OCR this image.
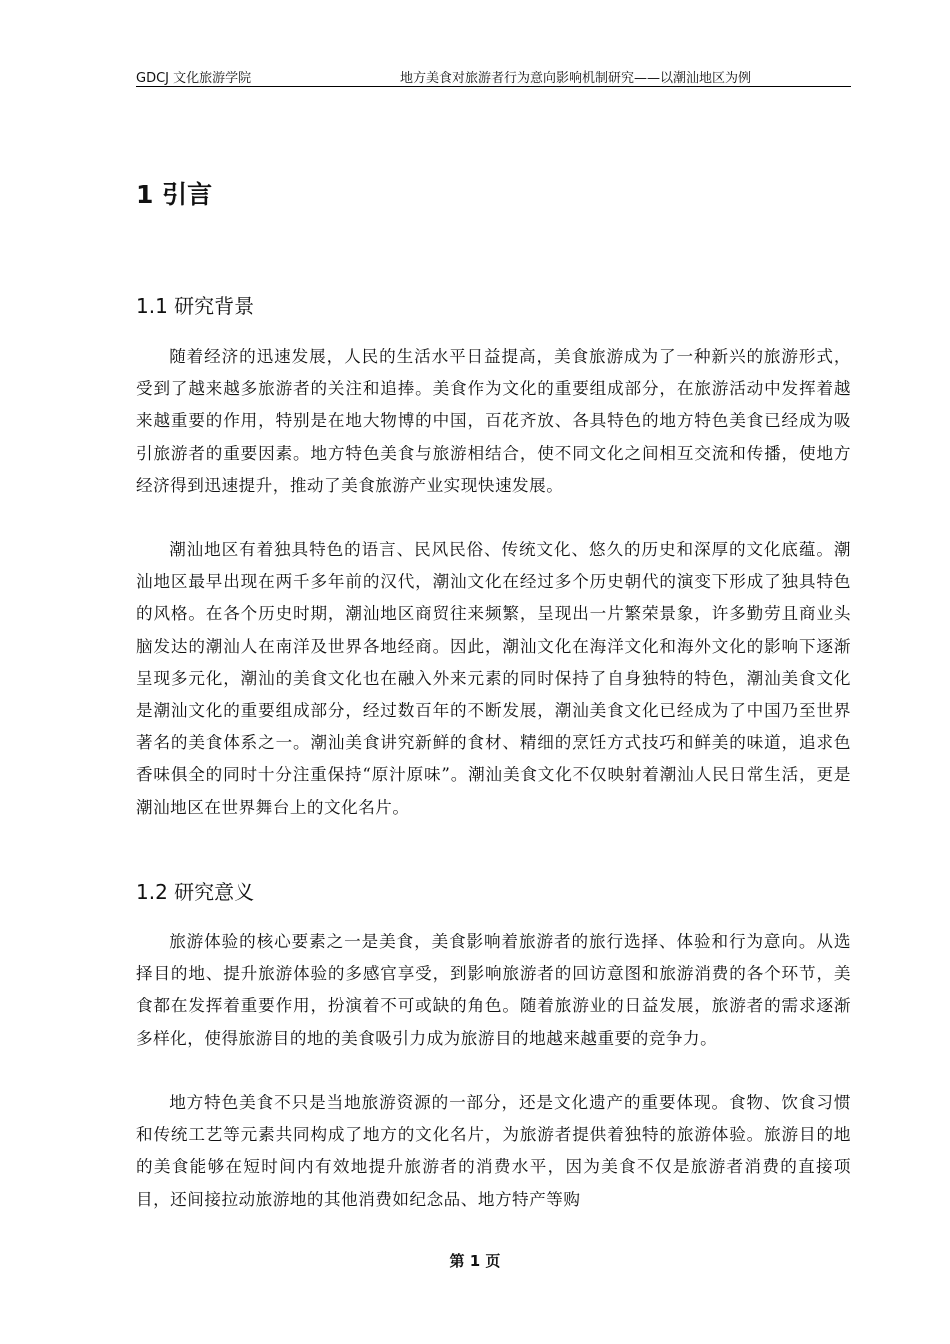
GDCJ 文化旅游学院	地方美食对旅游者行为意向影响机制研究——以潮汕地区为例
1 引言
1.1 研究背景

随着经济的迅速发展，人民的生活水平日益提高，美食旅游成为了一种新兴的旅游形式，受到了越来越多旅游者的关注和追捧。美食作为文化的重要组成部分，在旅游活动中发挥着越来越重要的作用，特别是在地大物博的中国，百花齐放、各具特色的地方特色美食已经成为吸引旅游者的重要因素。地方特色美食与旅游相结合，使不同文化之间相互交流和传播，使地方经济得到迅速提升，推动了美食旅游产业实现快速发展。

潮汕地区有着独具特色的语言、民风民俗、传统文化、悠久的历史和深厚的文化底蕴。潮汕地区最早出现在两千多年前的汉代，潮汕文化在经过多个历史朝代的演变下形成了独具特色的风格。在各个历史时期，潮汕地区商贸往来频繁，呈现出一片繁荣景象，许多勤劳且商业头脑发达的潮汕人在南洋及世界各地经商。因此，潮汕文化在海洋文化和海外文化的影响下逐渐呈现多元化，潮汕的美食文化也在融入外来元素的同时保持了自身独特的特色，潮汕美食文化是潮汕文化的重要组成部分，经过数百年的不断发展，潮汕美食文化已经成为了中国乃至世界著名的美食体系之一。潮汕美食讲究新鲜的食材、精细的烹饪方式技巧和鲜美的味道，追求色香味俱全的同时十分注重保持“原汁原味”。潮汕美食文化不仅映射着潮汕人民日常生活，更是潮汕地区在世界舞台上的文化名片。

1.2 研究意义

旅游体验的核心要素之一是美食，美食影响着旅游者的旅行选择、体验和行为意向。从选择目的地、提升旅游体验的多感官享受，到影响旅游者的回访意图和旅游消费的各个环节，美食都在发挥着重要作用，扮演着不可或缺的角色。随着旅游业的日益发展，旅游者的需求逐渐多样化，使得旅游目的地的美食吸引力成为旅游目的地越来越重要的竞争力。

地方特色美食不只是当地旅游资源的一部分，还是文化遗产的重要体现。食物、饮食习惯和传统工艺等元素共同构成了地方的文化名片，为旅游者提供着独特的旅游体验。旅游目的地的美食能够在短时间内有效地提升旅游者的消费水平，因为美食不仅是旅游者消费的直接项目，还间接拉动旅游地的其他消费如纪念品、地方特产等购

第 1 页
